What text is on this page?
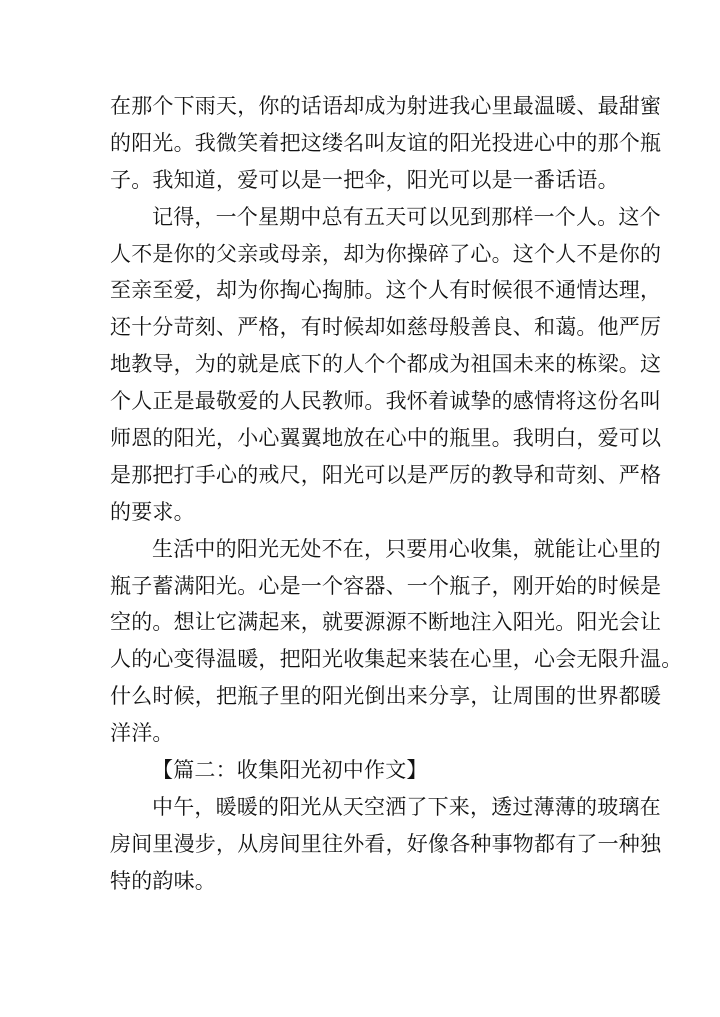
在那个下雨天，你的话语却成为射进我心里最温暖、最甜蜜
的阳光。我微笑着把这缕名叫友谊的阳光投进心中的那个瓶
子。我知道，爱可以是一把伞，阳光可以是一番话语。
记得，一个星期中总有五天可以见到那样一个人。这个
人不是你的父亲或母亲，却为你操碎了心。这个人不是你的
至亲至爱，却为你掏心掏肺。这个人有时候很不通情达理，
还十分苛刻、严格，有时候却如慈母般善良、和蔼。他严厉
地教导，为的就是底下的人个个都成为祖国未来的栋梁。这
个人正是最敬爱的人民教师。我怀着诚挚的感情将这份名叫
师恩的阳光，小心翼翼地放在心中的瓶里。我明白，爱可以
是那把打手心的戒尺，阳光可以是严厉的教导和苛刻、严格
的要求。
生活中的阳光无处不在，只要用心收集，就能让心里的
瓶子蓄满阳光。心是一个容器、一个瓶子，刚开始的时候是
空的。想让它满起来，就要源源不断地注入阳光。阳光会让
人的心变得温暖，把阳光收集起来装在心里，心会无限升温。
什么时候，把瓶子里的阳光倒出来分享，让周围的世界都暖
洋洋。
【篇二：收集阳光初中作文】
中午，暖暖的阳光从天空洒了下来，透过薄薄的玻璃在
房间里漫步，从房间里往外看，好像各种事物都有了一种独
特的韵味。
